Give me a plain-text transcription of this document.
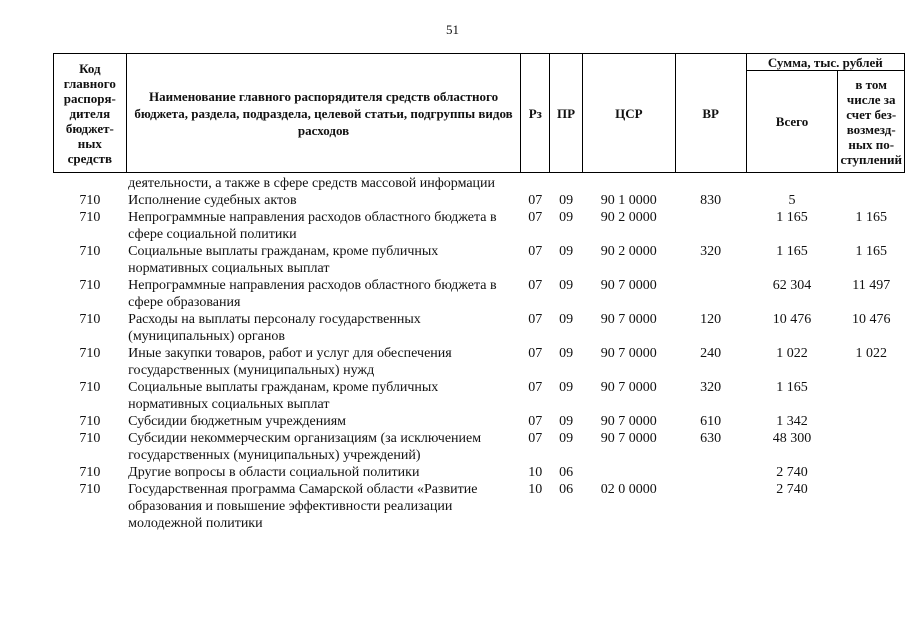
51
Код главного распоря-дителя бюджет-ных средств	Наименование главного распорядителя средств областного бюджета, раздела, подраздела, целевой статьи, подгруппы видов расходов	Рз	ПР	ЦСР	ВР	Сумма, тыс. рублей	
						Всего	в том числе за счет без-возмезд-ных по-ступлений
	деятельности, а также в сфере средств массовой информации						
710	Исполнение судебных актов	07	09	90 1 0000	830	5	
710	Непрограммные направления расходов областного бюджета в сфере социальной политики	07	09	90 2 0000		1 165	1 165
710	Социальные выплаты гражданам, кроме публичных нормативных социальных выплат	07	09	90 2 0000	320	1 165	1 165
710	Непрограммные направления расходов областного бюджета в сфере образования	07	09	90 7 0000		62 304	11 497
710	Расходы на выплаты персоналу государственных (муниципальных) органов	07	09	90 7 0000	120	10 476	10 476
710	Иные закупки товаров, работ и услуг для обеспечения государственных (муниципальных) нужд	07	09	90 7 0000	240	1 022	1 022
710	Социальные выплаты гражданам, кроме публичных нормативных социальных выплат	07	09	90 7 0000	320	1 165	
710	Субсидии бюджетным учреждениям	07	09	90 7 0000	610	1 342	
710	Субсидии некоммерческим организациям (за исключением государственных (муниципальных) учреждений)	07	09	90 7 0000	630	48 300	
710	Другие вопросы в области социальной политики	10	06			2 740	
710	Государственная программа Самарской области «Развитие образования и повышение эффективности реализации молодежной политики	10	06	02 0 0000		2 740	
